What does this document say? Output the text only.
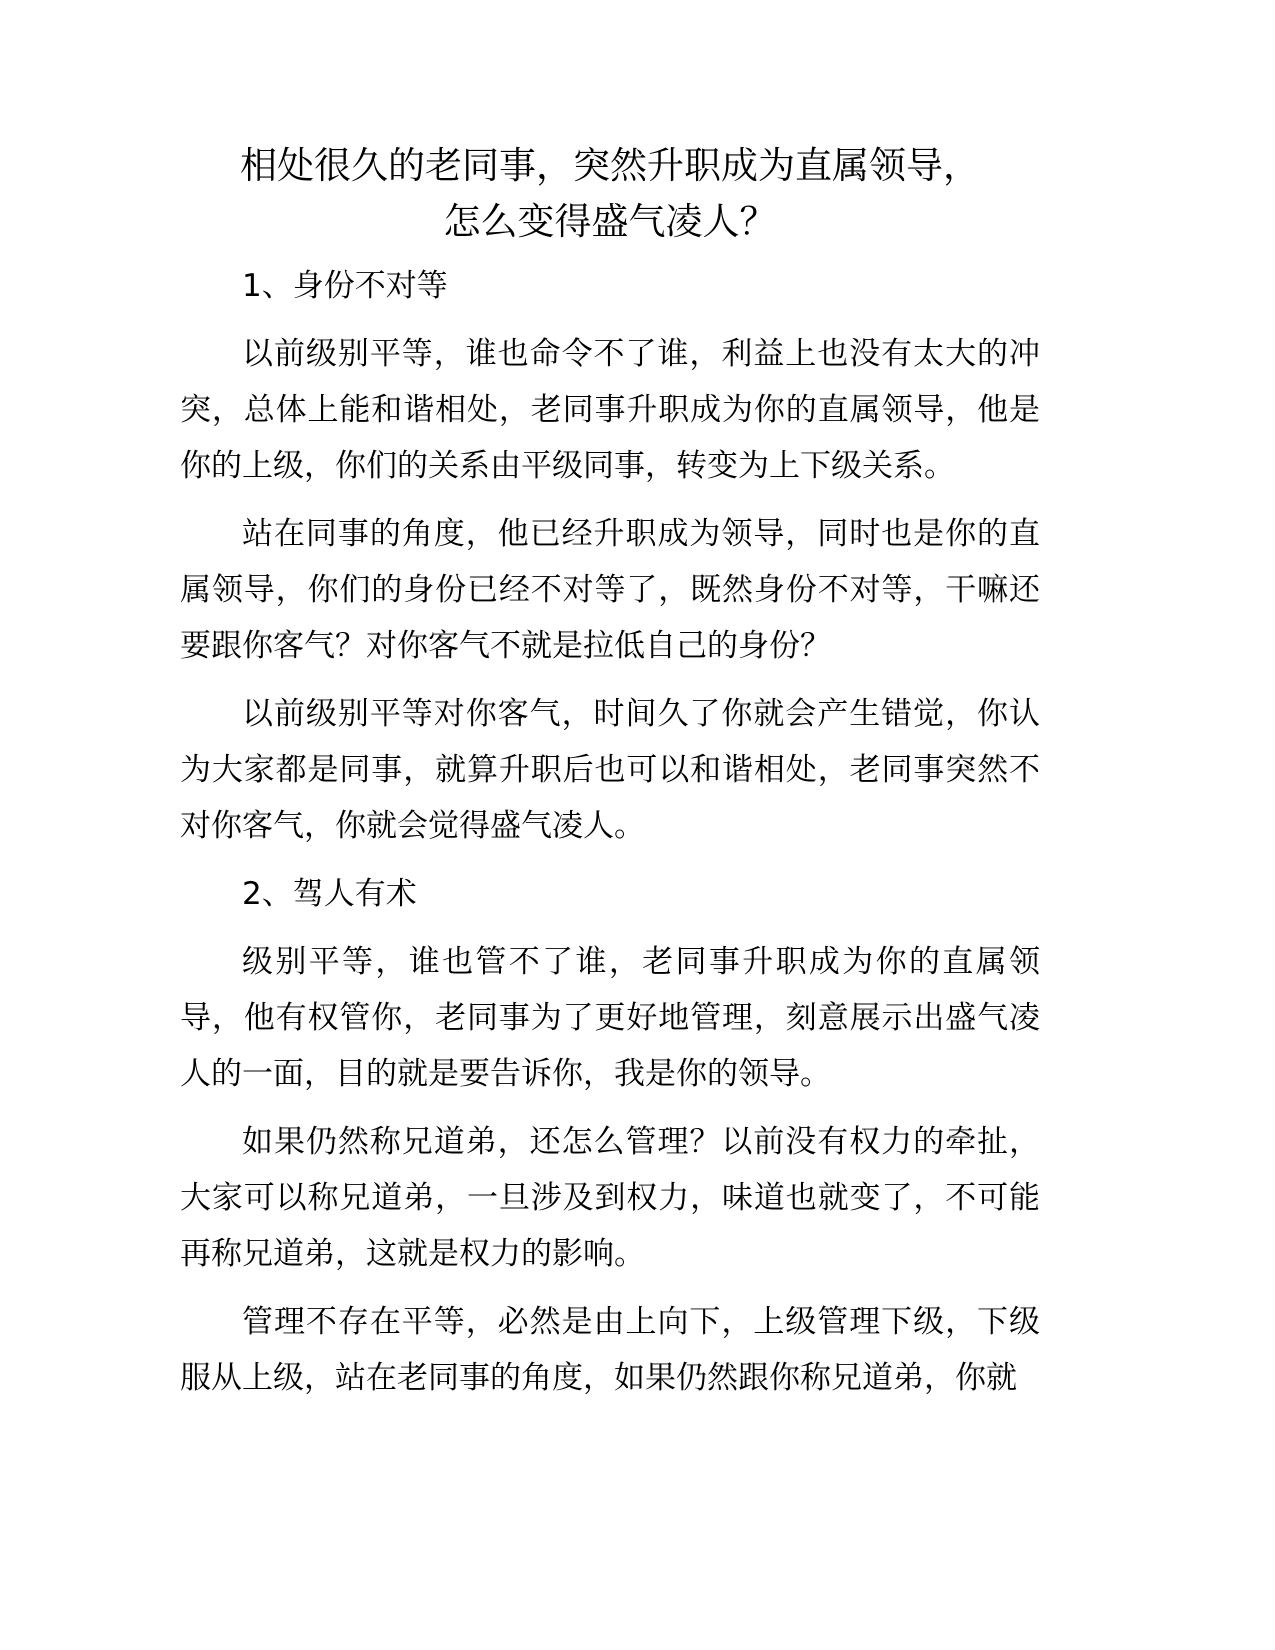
相处很久的老同事，突然升职成为直属领导，
怎么变得盛气凌人？
1、身份不对等

以前级别平等，谁也命令不了谁，利益上也没有太大的冲突，总体上能和谐相处，老同事升职成为你的直属领导，他是你的上级，你们的关系由平级同事，转变为上下级关系。

站在同事的角度，他已经升职成为领导，同时也是你的直属领导，你们的身份已经不对等了，既然身份不对等，干嘛还要跟你客气？对你客气不就是拉低自己的身份？

以前级别平等对你客气，时间久了你就会产生错觉，你认为大家都是同事，就算升职后也可以和谐相处，老同事突然不对你客气，你就会觉得盛气凌人。

2、驾人有术

级别平等，谁也管不了谁，老同事升职成为你的直属领导，他有权管你，老同事为了更好地管理，刻意展示出盛气凌人的一面，目的就是要告诉你，我是你的领导。

如果仍然称兄道弟，还怎么管理？以前没有权力的牵扯，大家可以称兄道弟，一旦涉及到权力，味道也就变了，不可能再称兄道弟，这就是权力的影响。

管理不存在平等，必然是由上向下，上级管理下级，下级服从上级，站在老同事的角度，如果仍然跟你称兄道弟，你就
